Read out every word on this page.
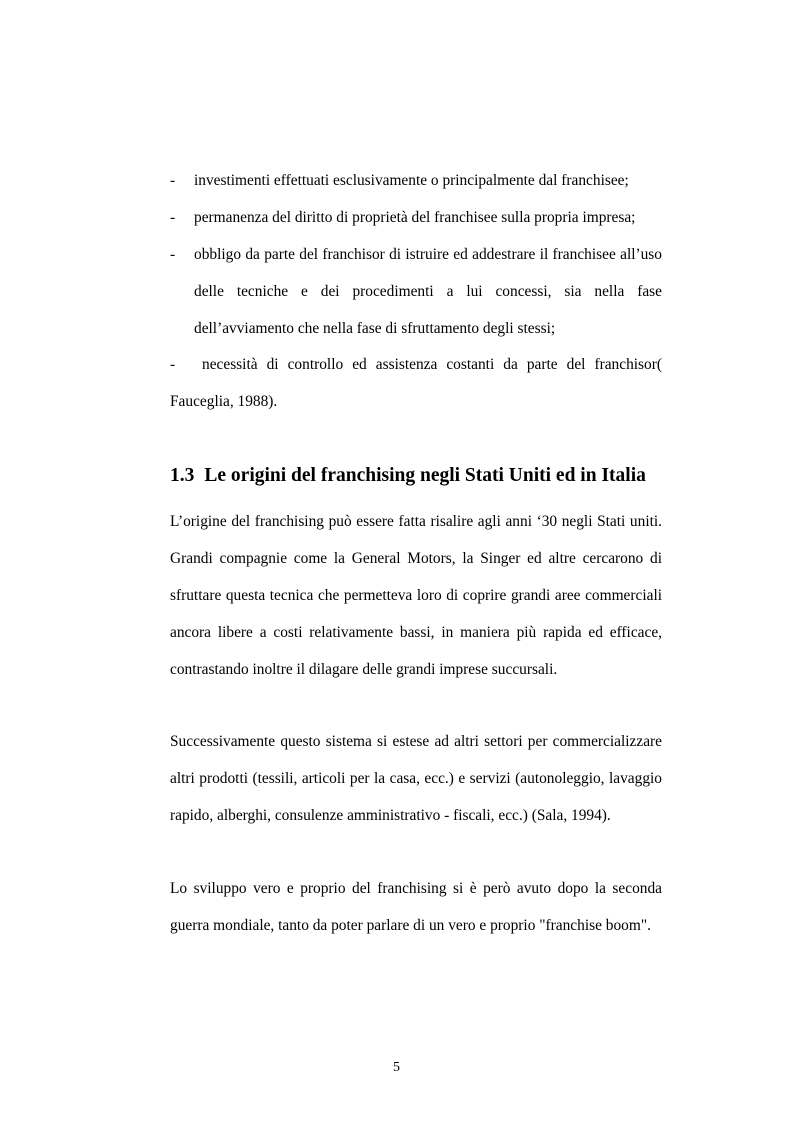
- investimenti effettuati esclusivamente o principalmente dal franchisee;
- permanenza del diritto di proprietà del franchisee sulla propria impresa;
- obbligo da parte del franchisor di istruire ed addestrare il franchisee all’uso delle tecniche e dei procedimenti a lui concessi, sia nella fase dell’avviamento che nella fase di sfruttamento degli stessi;
-	necessità di controllo ed assistenza costanti da parte del franchisor( Fauceglia, 1988).
1.3 Le origini del franchising negli Stati Uniti ed in Italia

L’origine del franchising può essere fatta risalire agli anni ‘30 negli Stati uniti. Grandi compagnie come la General Motors, la Singer ed altre cercarono di sfruttare questa tecnica che permetteva loro di coprire grandi aree commerciali ancora libere a costi relativamente bassi, in maniera più rapida ed efficace, contrastando inoltre il dilagare delle grandi imprese succursali.

Successivamente questo sistema si estese ad altri settori per commercializzare altri prodotti (tessili, articoli per la casa, ecc.) e servizi (autonoleggio, lavaggio rapido, alberghi, consulenze amministrativo - fiscali, ecc.) (Sala, 1994).

Lo sviluppo vero e proprio del franchising si è però avuto dopo la seconda guerra mondiale, tanto da poter parlare di un vero e proprio "franchise boom".

5
